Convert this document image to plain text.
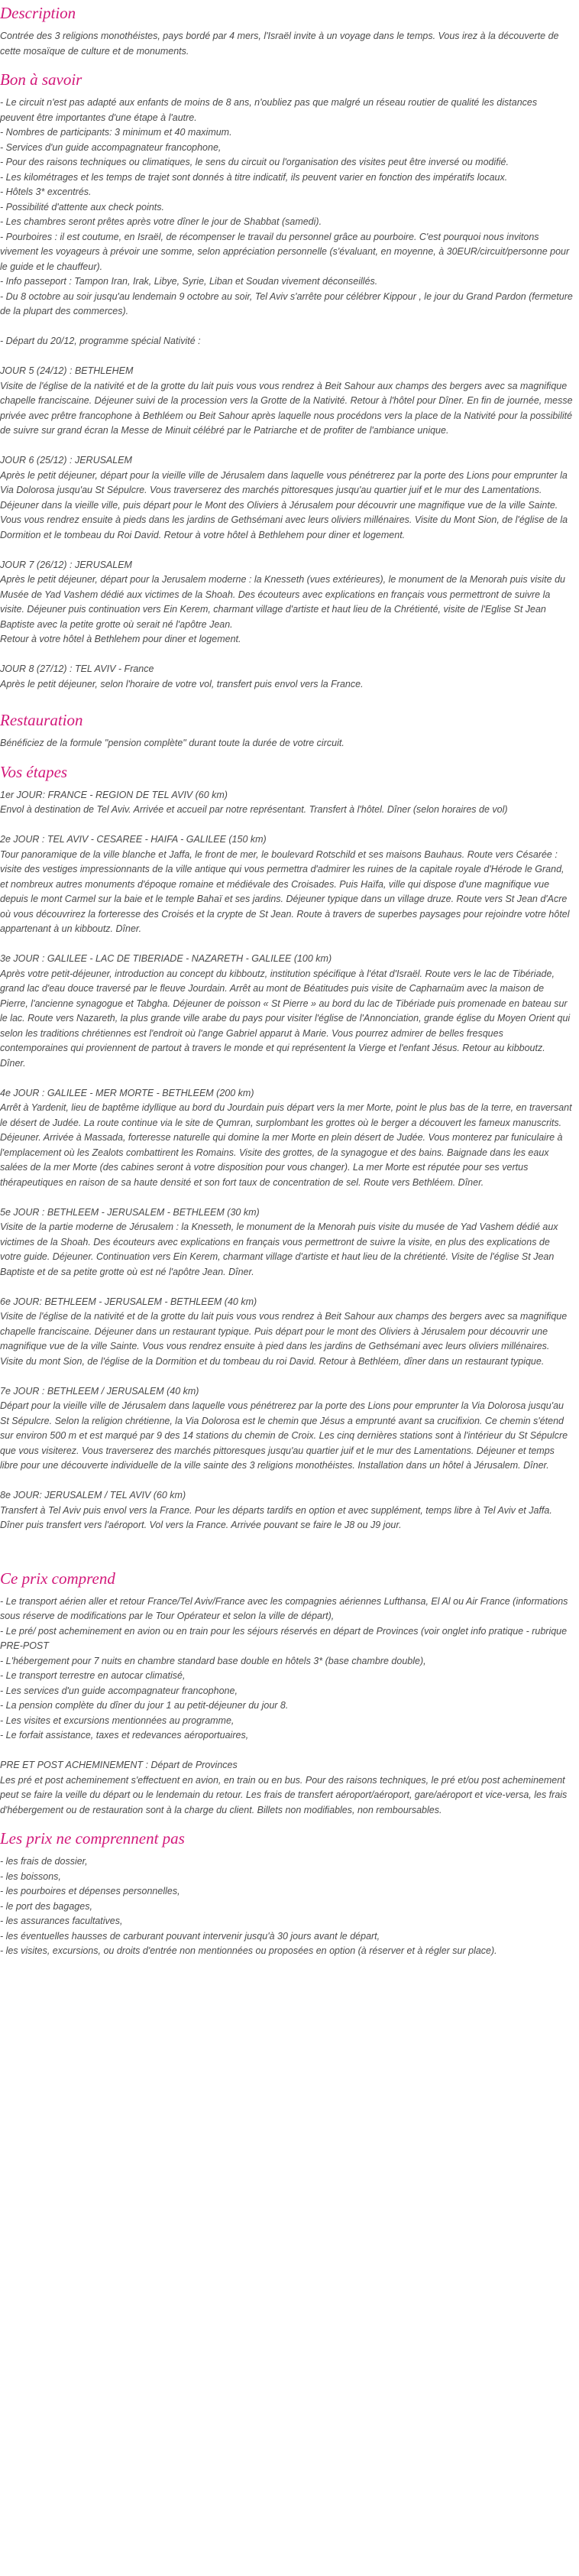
Description

Contrée des 3 religions monothéistes, pays bordé par 4 mers, l'Israël invite à un voyage dans le temps. Vous irez à la découverte de cette mosaïque de culture et de monuments.

Bon à savoir
- Le circuit n'est pas adapté aux enfants de moins de 8 ans, n'oubliez pas que malgré un réseau routier de qualité les distances peuvent être importantes d'une étape à l'autre.
- Nombres de participants: 3 minimum et 40 maximum.
- Services d'un guide accompagnateur francophone,
- Pour des raisons techniques ou climatiques, le sens du circuit ou l'organisation des visites peut être inversé ou modifié.
- Les kilométrages et les temps de trajet sont donnés à titre indicatif, ils peuvent varier en fonction des impératifs locaux.
- Hôtels 3* excentrés.
- Possibilité d'attente aux check points.
- Les chambres seront prêtes après votre dîner le jour de Shabbat (samedi).
- Pourboires : il est coutume, en Israël, de récompenser le travail du personnel grâce au pourboire. C'est pourquoi nous invitons vivement les voyageurs à prévoir une somme, selon appréciation personnelle (s'évaluant, en moyenne, à 30EUR/circuit/personne pour le guide et le chauffeur).
- Info passeport : Tampon Iran, Irak, Libye, Syrie, Liban et Soudan vivement déconseillés.
- Du 8 octobre au soir jusqu'au lendemain 9 octobre au soir, Tel Aviv s'arrête pour célébrer Kippour , le jour du Grand Pardon (fermeture de la plupart des commerces).
- Départ du 20/12, programme spécial Nativité :
JOUR 5 (24/12) : BETHLEHEM
Visite de l'église de la nativité et de la grotte du lait puis vous vous rendrez à Beit Sahour aux champs des bergers avec sa magnifique chapelle franciscaine. Déjeuner suivi de la procession vers la Grotte de la Nativité. Retour à l'hôtel pour Dîner. En fin de journée, messe privée avec prêtre francophone à Bethléem ou Beit Sahour après laquelle nous procédons vers la place de la Nativité pour la possibilité de suivre sur grand écran la Messe de Minuit célébré par le Patriarche et de profiter de l'ambiance unique.
JOUR 6 (25/12) : JERUSALEM
Après le petit déjeuner, départ pour la vieille ville de Jérusalem dans laquelle vous pénétrerez par la porte des Lions pour emprunter la Via Dolorosa jusqu'au St Sépulcre. Vous traverserez des marchés pittoresques jusqu'au quartier juif et le mur des Lamentations.
Déjeuner dans la vieille ville, puis départ pour le Mont des Oliviers à Jérusalem pour découvrir une magnifique vue de la ville Sainte. Vous vous rendrez ensuite à pieds dans les jardins de Gethsémani avec leurs oliviers millénaires. Visite du Mont Sion, de l'église de la Dormition et le tombeau du Roi David. Retour à votre hôtel à Bethlehem pour diner et logement.
JOUR 7 (26/12) : JERUSALEM
Après le petit déjeuner, départ pour la Jerusalem moderne : la Knesseth (vues extérieures), le monument de la Menorah puis visite du Musée de Yad Vashem dédié aux victimes de la Shoah. Des écouteurs avec explications en français vous permettront de suivre la visite. Déjeuner puis continuation vers Ein Kerem, charmant village d'artiste et haut lieu de la Chrétienté, visite de l'Eglise St Jean Baptiste avec la petite grotte où serait né l'apôtre Jean.
Retour à votre hôtel à Bethlehem pour diner et logement.
JOUR 8 (27/12) : TEL AVIV - France
Après le petit déjeuner, selon l'horaire de votre vol, transfert puis envol vers la France.
Restauration

Bénéficiez de la formule "pension complète" durant toute la durée de votre circuit.

Vos étapes
1er JOUR: FRANCE - REGION DE TEL AVIV (60 km)
Envol à destination de Tel Aviv. Arrivée et accueil par notre représentant. Transfert à l'hôtel. Dîner (selon horaires de vol)
2e JOUR : TEL AVIV - CESAREE - HAIFA - GALILEE (150 km)
Tour panoramique de la ville blanche et Jaffa, le front de mer, le boulevard Rotschild et ses maisons Bauhaus. Route vers Césarée : visite des vestiges impressionnants de la ville antique qui vous permettra d'admirer les ruines de la capitale royale d'Hérode le Grand, et nombreux autres monuments d'époque romaine et médiévale des Croisades. Puis Haïfa, ville qui dispose d'une magnifique vue depuis le mont Carmel sur la baie et le temple Bahaï et ses jardins. Déjeuner typique dans un village druze. Route vers St Jean d'Acre où vous découvrirez la forteresse des Croisés et la crypte de St Jean. Route à travers de superbes paysages pour rejoindre votre hôtel appartenant à un kibboutz. Dîner.
3e JOUR : GALILEE - LAC DE TIBERIADE - NAZARETH - GALILEE (100 km)
Après votre petit-déjeuner, introduction au concept du kibboutz, institution spécifique à l'état d'Israël. Route vers le lac de Tibériade, grand lac d'eau douce traversé par le fleuve Jourdain. Arrêt au mont de Béatitudes puis visite de Capharnaüm avec la maison de Pierre, l'ancienne synagogue et Tabgha. Déjeuner de poisson « St Pierre » au bord du lac de Tibériade puis promenade en bateau sur le lac. Route vers Nazareth, la plus grande ville arabe du pays pour visiter l'église de l'Annonciation, grande église du Moyen Orient qui selon les traditions chrétiennes est l'endroit où l'ange Gabriel apparut à Marie. Vous pourrez admirer de belles fresques contemporaines qui proviennent de partout à travers le monde et qui représentent la Vierge et l'enfant Jésus. Retour au kibboutz. Dîner.
4e JOUR : GALILEE - MER MORTE - BETHLEEM (200 km)
Arrêt à Yardenit, lieu de baptême idyllique au bord du Jourdain puis départ vers la mer Morte, point le plus bas de la terre, en traversant le désert de Judée. La route continue via le site de Qumran, surplombant les grottes où le berger a découvert les fameux manuscrits. Déjeuner. Arrivée à Massada, forteresse naturelle qui domine la mer Morte en plein désert de Judée. Vous monterez par funiculaire à l'emplacement où les Zealots combattirent les Romains. Visite des grottes, de la synagogue et des bains. Baignade dans les eaux salées de la mer Morte (des cabines seront à votre disposition pour vous changer). La mer Morte est réputée pour ses vertus thérapeutiques en raison de sa haute densité et son fort taux de concentration de sel. Route vers Bethléem. Dîner.
5e JOUR : BETHLEEM - JERUSALEM - BETHLEEM (30 km)
Visite de la partie moderne de Jérusalem : la Knesseth, le monument de la Menorah puis visite du musée de Yad Vashem dédié aux victimes de la Shoah. Des écouteurs avec explications en français vous permettront de suivre la visite, en plus des explications de votre guide. Déjeuner. Continuation vers Ein Kerem, charmant village d'artiste et haut lieu de la chrétienté. Visite de l'église St Jean Baptiste et de sa petite grotte où est né l'apôtre Jean. Dîner.
6e JOUR: BETHLEEM - JERUSALEM - BETHLEEM (40 km)
Visite de l'église de la nativité et de la grotte du lait puis vous vous rendrez à Beit Sahour aux champs des bergers avec sa magnifique chapelle franciscaine. Déjeuner dans un restaurant typique. Puis départ pour le mont des Oliviers à Jérusalem pour découvrir une magnifique vue de la ville Sainte. Vous vous rendrez ensuite à pied dans les jardins de Gethsémani avec leurs oliviers millénaires. Visite du mont Sion, de l'église de la Dormition et du tombeau du roi David. Retour à Bethléem, dîner dans un restaurant typique.
7e JOUR : BETHLEEM / JERUSALEM (40 km)
Départ pour la vieille ville de Jérusalem dans laquelle vous pénétrerez par la porte des Lions pour emprunter la Via Dolorosa jusqu'au St Sépulcre. Selon la religion chrétienne, la Via Dolorosa est le chemin que Jésus a emprunté avant sa crucifixion. Ce chemin s'étend sur environ 500 m et est marqué par 9 des 14 stations du chemin de Croix. Les cinq dernières stations sont à l'intérieur du St Sépulcre que vous visiterez. Vous traverserez des marchés pittoresques jusqu'au quartier juif et le mur des Lamentations. Déjeuner et temps libre pour une découverte individuelle de la ville sainte des 3 religions monothéistes. Installation dans un hôtel à Jérusalem. Dîner.
8e JOUR: JERUSALEM / TEL AVIV (60 km)
Transfert à Tel Aviv puis envol vers la France. Pour les départs tardifs en option et avec supplément, temps libre à Tel Aviv et Jaffa. Dîner puis transfert vers l'aéroport. Vol vers la France. Arrivée pouvant se faire le J8 ou J9 jour.
Ce prix comprend
- Le transport aérien aller et retour France/Tel Aviv/France avec les compagnies aériennes Lufthansa, El Al ou Air France (informations sous réserve de modifications par le Tour Opérateur et selon la ville de départ),
- Le pré/ post acheminement en avion ou en train pour les séjours réservés en départ de Provinces (voir onglet info pratique - rubrique PRE-POST
- L'hébergement pour 7 nuits en chambre standard base double en hôtels 3* (base chambre double),
- Le transport terrestre en autocar climatisé,
- Les services d'un guide accompagnateur francophone,
- La pension complète du dîner du jour 1 au petit-déjeuner du jour 8.
- Les visites et excursions mentionnées au programme,
- Le forfait assistance, taxes et redevances aéroportuaires,
PRE ET POST ACHEMINEMENT : Départ de Provinces
Les pré et post acheminement s'effectuent en avion, en train ou en bus. Pour des raisons techniques, le pré et/ou post acheminement peut se faire la veille du départ ou le lendemain du retour. Les frais de transfert aéroport/aéroport, gare/aéroport et vice-versa, les frais d'hébergement ou de restauration sont à la charge du client. Billets non modifiables, non remboursables.
Les prix ne comprennent pas
- les frais de dossier,
- les boissons,
- les pourboires et dépenses personnelles,
- le port des bagages,
- les assurances facultatives,
- les éventuelles hausses de carburant pouvant intervenir jusqu'à 30 jours avant le départ,
- les visites, excursions, ou droits d'entrée non mentionnées ou proposées en option (à réserver et à régler sur place).
